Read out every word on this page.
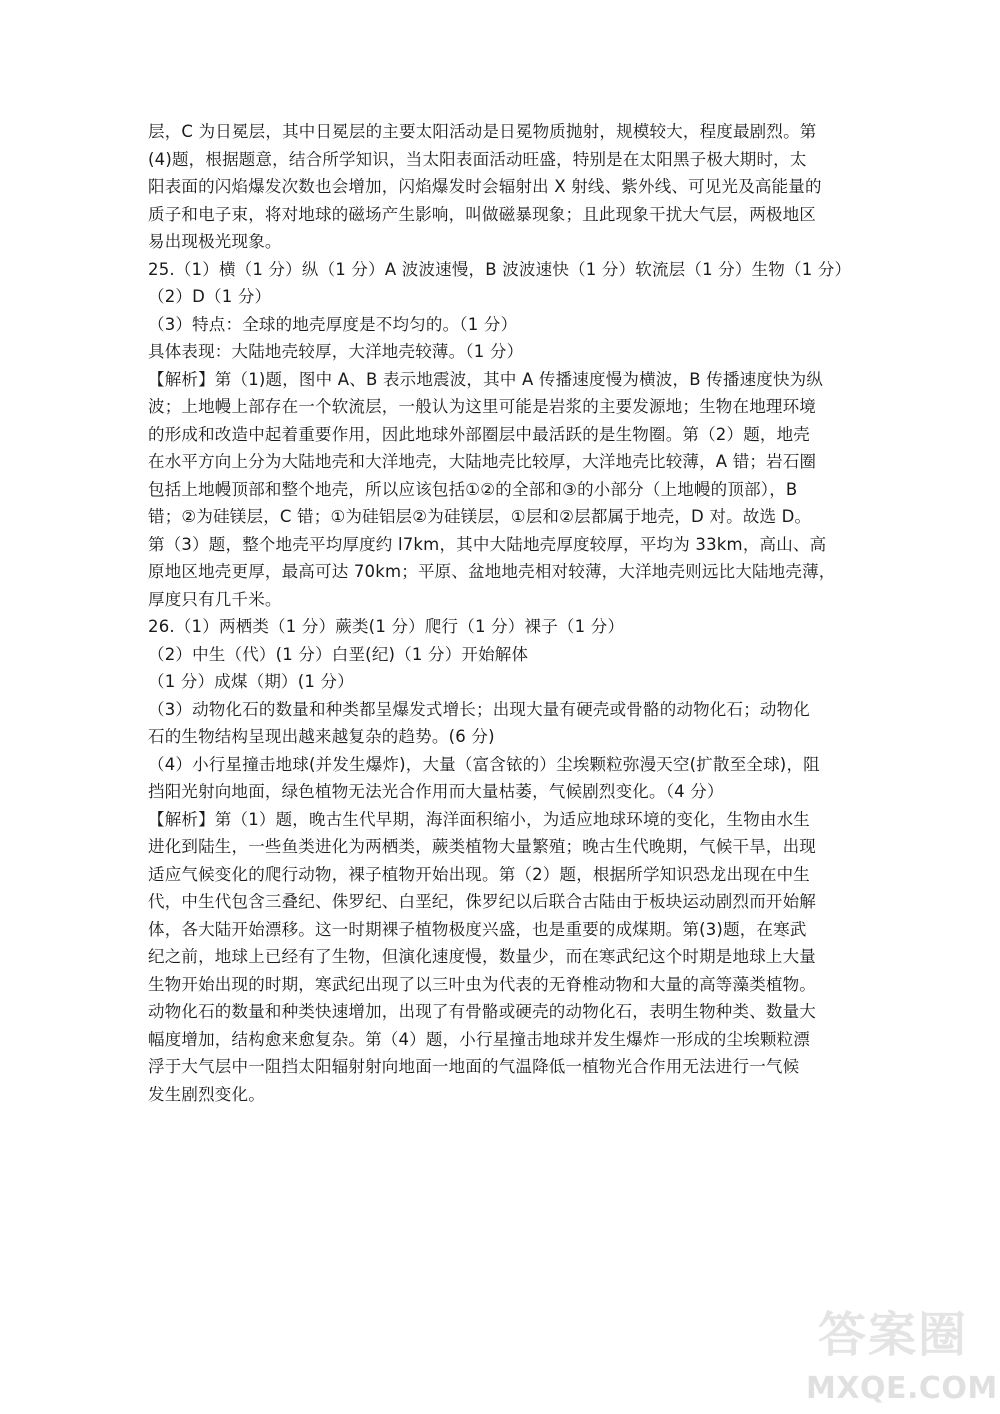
层，C 为日冕层，其中日冕层的主要太阳活动是日冕物质抛射，规模较大，程度最剧烈。第
(4)题，根据题意，结合所学知识，当太阳表面活动旺盛，特别是在太阳黑子极大期时，太
阳表面的闪焰爆发次数也会增加，闪焰爆发时会辐射出 X 射线、紫外线、可见光及高能量的
质子和电子束，将对地球的磁场产生影响，叫做磁暴现象；且此现象干扰大气层，两极地区
易出现极光现象。
25.（1）横（1 分）纵（1 分）A 波波速慢，B 波波速快（1 分）软流层（1 分）生物（1 分）
（2）D（1 分）
（3）特点：全球的地壳厚度是不均匀的。（1 分）
具体表现：大陆地壳较厚，大洋地壳较薄。（1 分）
【解析】第（1)题，图中 A、B 表示地震波，其中 A 传播速度慢为横波，B 传播速度快为纵
波；上地幔上部存在一个软流层，一般认为这里可能是岩浆的主要发源地；生物在地理环境
的形成和改造中起着重要作用，因此地球外部圈层中最活跃的是生物圈。第（2）题，地壳
在水平方向上分为大陆地壳和大洋地壳，大陆地壳比较厚，大洋地壳比较薄，A 错；岩石圈
包括上地幔顶部和整个地壳，所以应该包括①②的全部和③的小部分（上地幔的顶部），B
错；②为硅镁层，C 错；①为硅铝层②为硅镁层，①层和②层都属于地壳，D 对。故选 D。
第（3）题，整个地壳平均厚度约 l7km，其中大陆地壳厚度较厚，平均为 33km，高山、高
原地区地壳更厚，最高可达 70km；平原、盆地地壳相对较薄，大洋地壳则远比大陆地壳薄，
厚度只有几千米。
26.（1）两栖类（1 分）蕨类(1 分）爬行（1 分）裸子（1 分）
（2）中生（代）(1 分）白垩(纪)（1 分）开始解体
（1 分）成煤（期）(1 分）
（3）动物化石的数量和种类都呈爆发式增长；出现大量有硬壳或骨骼的动物化石；动物化
石的生物结构呈现出越来越复杂的趋势。(6 分)
（4）小行星撞击地球(并发生爆炸)，大量（富含铱的）尘埃颗粒弥漫天空(扩散至全球)，阻
挡阳光射向地面，绿色植物无法光合作用而大量枯萎，气候剧烈变化。（4 分）
【解析】第（1）题，晚古生代早期，海洋面积缩小，为适应地球环境的变化，生物由水生
进化到陆生，一些鱼类进化为两栖类，蕨类植物大量繁殖；晚古生代晚期，气候干旱，出现
适应气候变化的爬行动物，裸子植物开始出现。第（2）题，根据所学知识恐龙出现在中生
代，中生代包含三叠纪、侏罗纪、白垩纪，侏罗纪以后联合古陆由于板块运动剧烈而开始解
体，各大陆开始漂移。这一时期裸子植物极度兴盛，也是重要的成煤期。第(3)题，在寒武
纪之前，地球上已经有了生物，但演化速度慢，数量少，而在寒武纪这个时期是地球上大量
生物开始出现的时期，寒武纪出现了以三叶虫为代表的无脊椎动物和大量的高等藻类植物。
动物化石的数量和种类快速增加，出现了有骨骼或硬壳的动物化石，表明生物种类、数量大
幅度增加，结构愈来愈复杂。第（4）题，小行星撞击地球并发生爆炸一形成的尘埃颗粒漂
浮于大气层中一阻挡太阳辐射射向地面一地面的气温降低一植物光合作用无法进行一气候
发生剧烈变化。
答案圈
MXQE.COM
